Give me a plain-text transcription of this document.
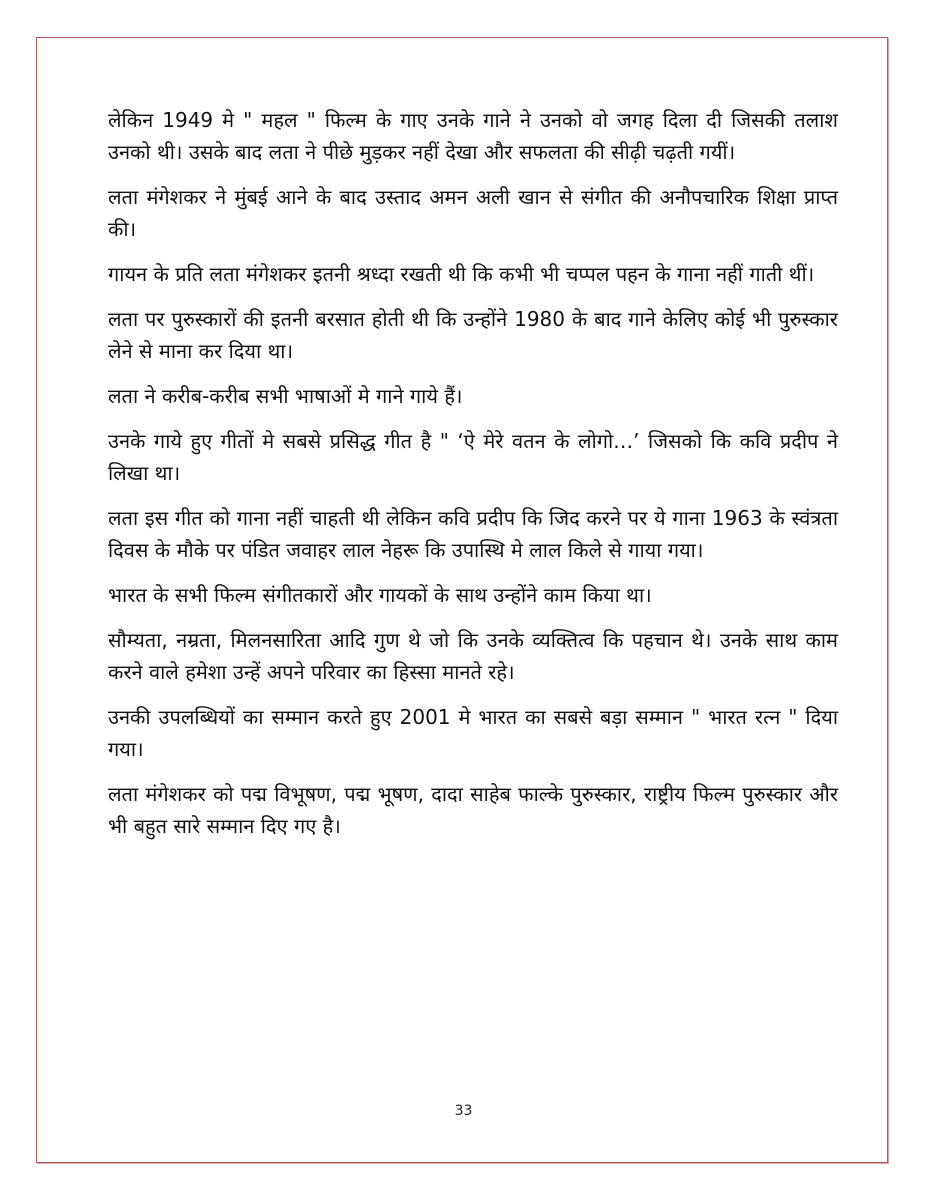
लेकिन 1949 मे " महल " फिल्म के गाए उनके गाने ने उनको वो जगह दिला दी जिसकी तलाश उनको थी। उसके बाद लता ने पीछे मुड़कर नहीं देखा और सफलता की सीढ़ी चढ़ती गयीं।

लता मंगेशकर ने मुंबई आने के बाद उस्ताद अमन अली खान से संगीत की अनौपचारिक शिक्षा प्राप्त की।

गायन के प्रति लता मंगेशकर इतनी श्रध्दा रखती थी कि कभी भी चप्पल पहन के गाना नहीं गाती थीं।

लता पर पुरुस्कारों की इतनी बरसात होती थी कि उन्होंने 1980 के बाद गाने केलिए कोई भी पुरुस्कार लेने से माना कर दिया था।

लता ने करीब-करीब सभी भाषाओं मे गाने गाये हैं।

उनके गाये हुए गीतों मे सबसे प्रसिद्ध गीत है " ‘ऐ मेरे वतन के लोगो…’ जिसको कि कवि प्रदीप ने लिखा था।

लता इस गीत को गाना नहीं चाहती थी लेकिन कवि प्रदीप कि जिद करने पर ये गाना 1963 के स्वंत्रता दिवस के मौके पर पंडित जवाहर लाल नेहरू कि उपास्थि मे लाल किले से गाया गया।

भारत के सभी फिल्म संगीतकारों और गायकों के साथ उन्होंने काम किया था।

सौम्यता, नम्रता, मिलनसारिता आदि गुण थे जो कि उनके व्यक्तित्व कि पहचान थे। उनके साथ काम करने वाले हमेशा उन्हें अपने परिवार का हिस्सा मानते रहे।

उनकी उपलब्धियों का सम्मान करते हुए 2001 मे भारत का सबसे बड़ा सम्मान " भारत रत्न " दिया गया।

लता मंगेशकर को पद्म विभूषण, पद्म भूषण, दादा साहेब फाल्के पुरुस्कार, राष्ट्रीय फिल्म पुरुस्कार और भी बहुत सारे सम्मान दिए गए है।

33
